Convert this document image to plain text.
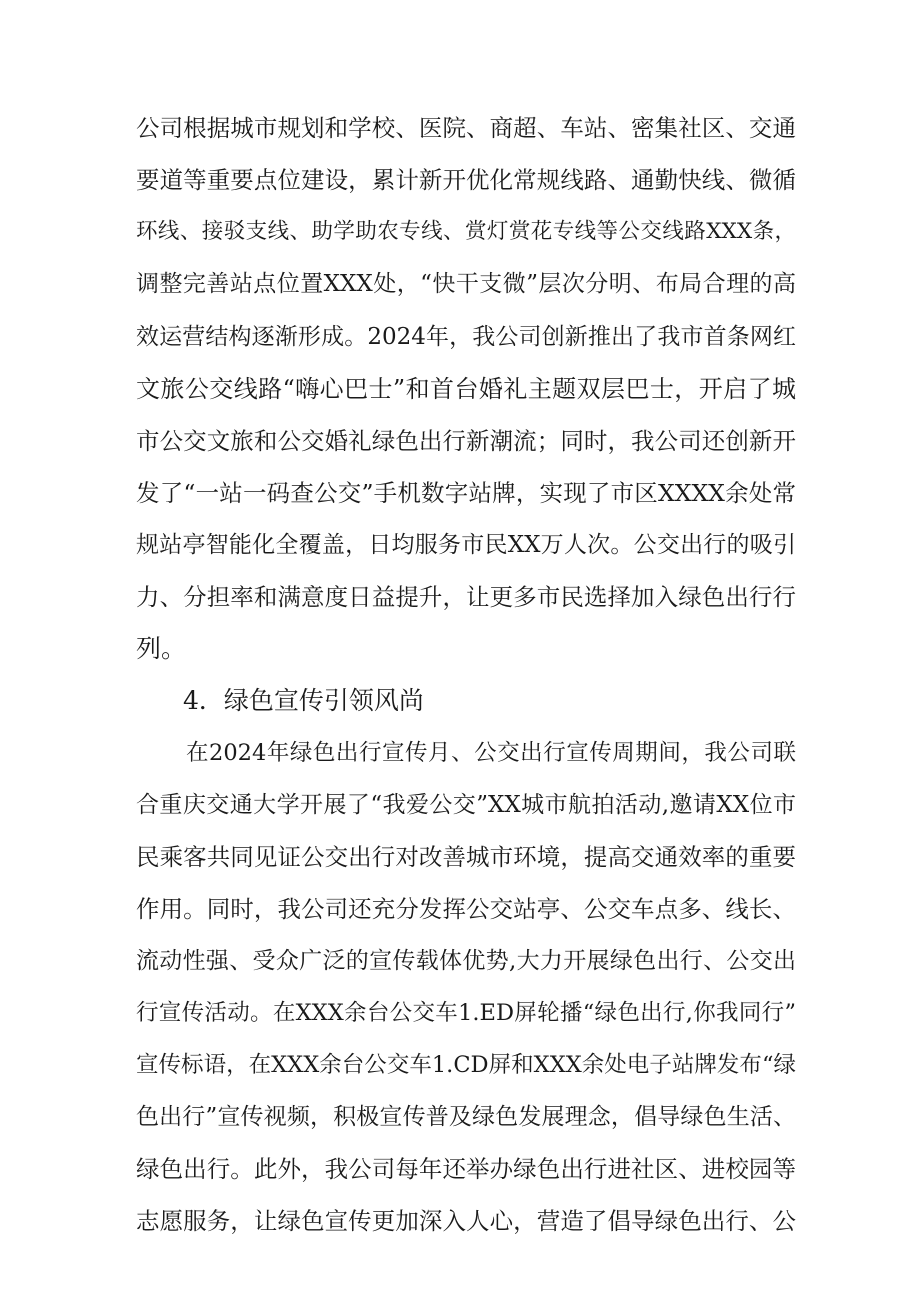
公司根据城市规划和学校、医院、商超、车站、密集社区、交通
要道等重要点位建设，累计新开优化常规线路、通勤快线、微循
环线、接驳支线、助学助农专线、赏灯赏花专线等公交线路XXX条，
调整完善站点位置XXX处，“快干支微”层次分明、布局合理的高
效运营结构逐渐形成。2024年，我公司创新推出了我市首条网红
文旅公交线路“嗨心巴士”和首台婚礼主题双层巴士，开启了城
市公交文旅和公交婚礼绿色出行新潮流；同时，我公司还创新开
发了“一站一码查公交”手机数字站牌，实现了市区XXXX余处常
规站亭智能化全覆盖，日均服务市民XX万人次。公交出行的吸引
力、分担率和满意度日益提升，让更多市民选择加入绿色出行行
列。
4．绿色宣传引领风尚
在2024年绿色出行宣传月、公交出行宣传周期间，我公司联
合重庆交通大学开展了“我爱公交”XX城市航拍活动,邀请XX位市
民乘客共同见证公交出行对改善城市环境，提高交通效率的重要
作用。同时，我公司还充分发挥公交站亭、公交车点多、线长、
流动性强、受众广泛的宣传载体优势,大力开展绿色出行、公交出
行宣传活动。在XXX余台公交车1.ED屏轮播“绿色出行,你我同行”
宣传标语，在XXX余台公交车1.CD屏和XXX余处电子站牌发布“绿
色出行”宣传视频，积极宣传普及绿色发展理念，倡导绿色生活、
绿色出行。此外，我公司每年还举办绿色出行进社区、进校园等
志愿服务，让绿色宣传更加深入人心，营造了倡导绿色出行、公
